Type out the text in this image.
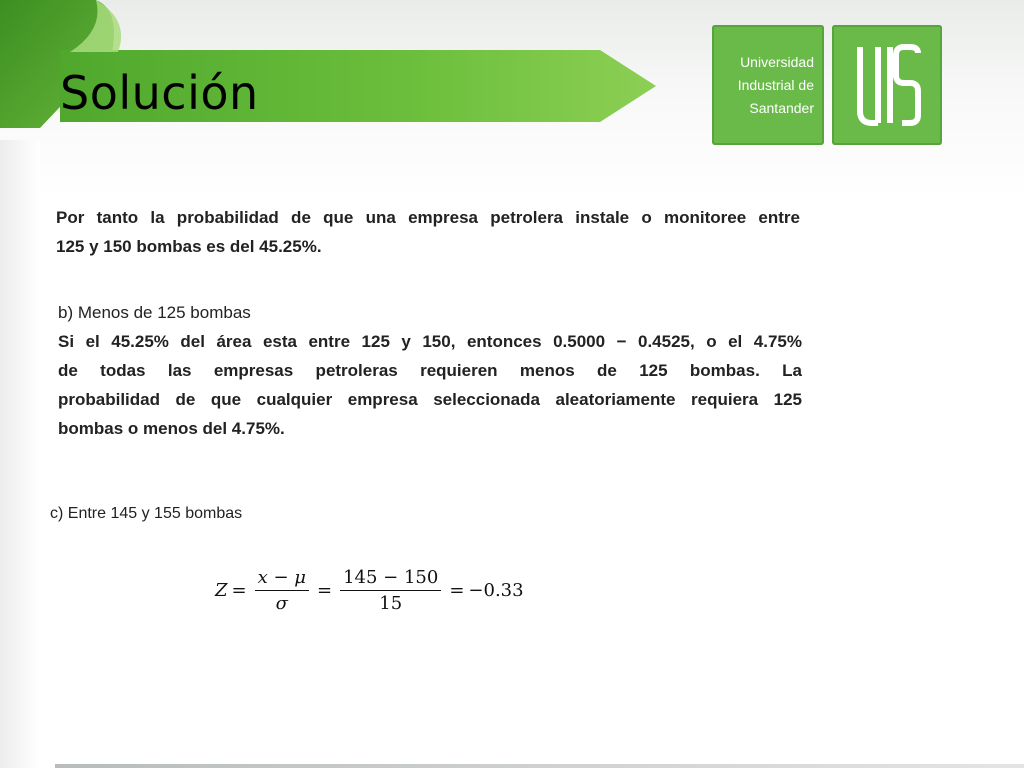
Solución
Universidad
Industrial de
Santander
Por tanto la probabilidad de que una empresa petrolera instale o monitoree entre
125 y 150 bombas es del 45.25%.
b) Menos de 125 bombas
Si el 45.25% del área esta entre 125 y 150, entonces 0.5000 − 0.4525, o el 4.75%
de todas las empresas petroleras requieren menos de 125 bombas. La
probabilidad de que cualquier empresa seleccionada aleatoriamente requiera 125
bombas o menos del 4.75%.
c) Entre 145 y 155 bombas
$Z = \frac{x - \mu}{\sigma} = \frac{145 - 150}{15} = -0.33$
